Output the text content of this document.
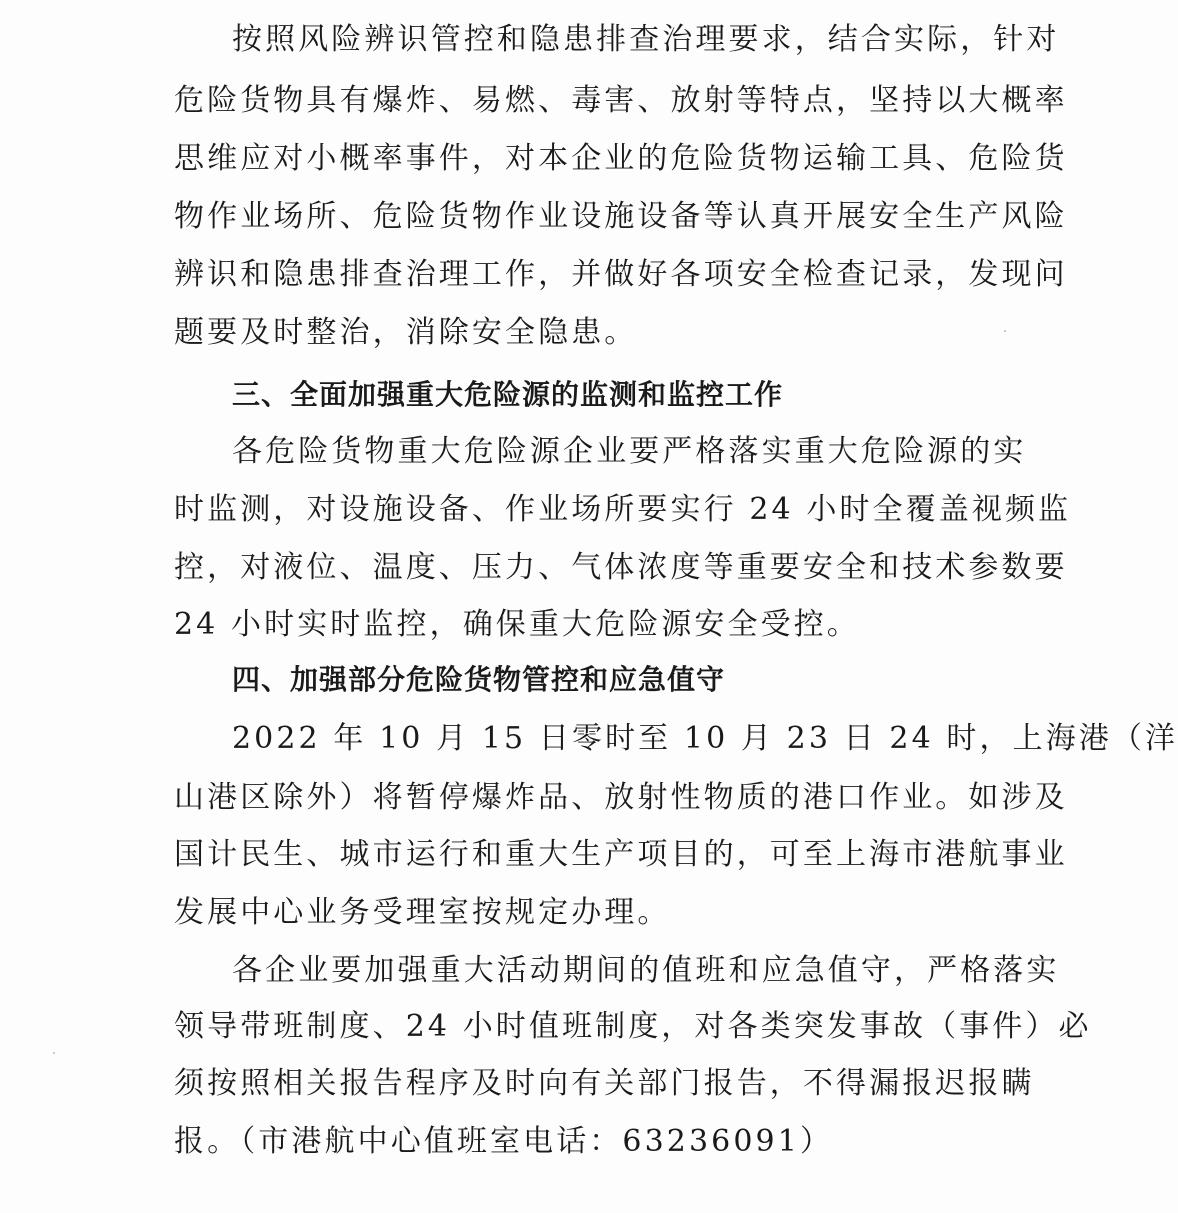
按照风险辨识管控和隐患排查治理要求，结合实际，针对
危险货物具有爆炸、易燃、毒害、放射等特点，坚持以大概率
思维应对小概率事件，对本企业的危险货物运输工具、危险货
物作业场所、危险货物作业设施设备等认真开展安全生产风险
辨识和隐患排查治理工作，并做好各项安全检查记录，发现问
题要及时整治，消除安全隐患。
三、全面加强重大危险源的监测和监控工作
各危险货物重大危险源企业要严格落实重大危险源的实
时监测，对设施设备、作业场所要实行 24 小时全覆盖视频监
控，对液位、温度、压力、气体浓度等重要安全和技术参数要
24 小时实时监控，确保重大危险源安全受控。
四、加强部分危险货物管控和应急值守
2022 年 10 月 15 日零时至 10 月 23 日 24 时，上海港（洋
山港区除外）将暂停爆炸品、放射性物质的港口作业。如涉及
国计民生、城市运行和重大生产项目的，可至上海市港航事业
发展中心业务受理室按规定办理。
各企业要加强重大活动期间的值班和应急值守，严格落实
领导带班制度、24 小时值班制度，对各类突发事故（事件）必
须按照相关报告程序及时向有关部门报告，不得漏报迟报瞒
报。（市港航中心值班室电话：63236091）
